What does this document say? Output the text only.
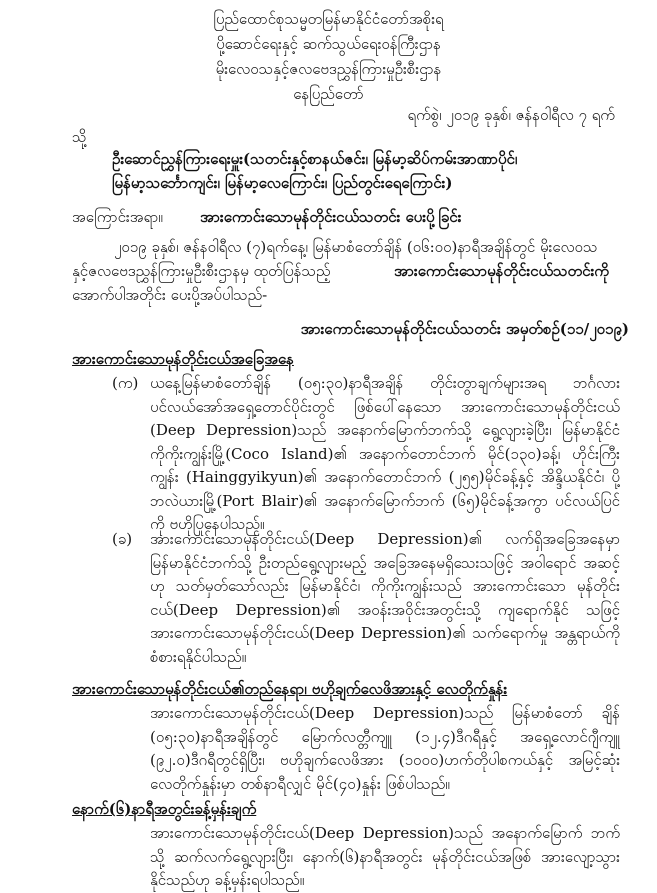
ပြည်ထောင်စုသမ္မတမြန်မာနိုင်ငံတော်အစိုးရ
ပို့ဆောင်ရေးနှင့် ဆက်သွယ်ရေးဝန်ကြီးဌာန
မိုးလေဝသနှင့်ဇလဗေဒညွှန်ကြားမှုဦးစီးဌာန
နေပြည်တော်
ရက်စွဲ၊ ၂၀၁၉ ခုနှစ်၊ ဇန်နဝါရီလ ၇ ရက်
သို့
ဦးဆောင်ညွှန်ကြားရေးမှူး(သတင်းနှင့်စာနယ်ဇင်း၊ မြန်မာ့ဆိပ်ကမ်းအာဏာပိုင်၊
မြန်မာ့သင်္ဘောကျင်း၊ မြန်မာ့လေကြောင်း၊ ပြည်တွင်းရေကြောင်း)
အကြောင်းအရာ။ အားကောင်းသောမုန်တိုင်းငယ်သတင်း ပေးပို့ခြင်း
၂၀၁၉ ခုနှစ်၊ ဇန်နဝါရီလ (၇)ရက်နေ့၊ မြန်မာစံတော်ချိန် (၀၆:၀၀)နာရီအချိန်တွင် မိုးလေဝသ
နှင့်ဇလဗေဒညွှန်ကြားမှုဦးစီးဌာနမှ ထုတ်ပြန်သည့်	အားကောင်းသောမုန်တိုင်းငယ်သတင်းကို
အောက်ပါအတိုင်း ပေးပို့အပ်ပါသည်-
အားကောင်းသောမုန်တိုင်းငယ်သတင်း အမှတ်စဉ်(၁၁/၂၀၁၉)
အားကောင်းသောမုန်တိုင်းငယ်အခြေအနေ
(က) ယနေ့မြန်မာစံတော်ချိန် (၀၅:၃၀)နာရီအချိန် တိုင်းတွာချက်များအရ ဘင်္ဂလားပင်လယ်အော်အရှေ့တောင်ပိုင်းတွင် ဖြစ်ပေါ်နေသော အားကောင်းသောမုန်တိုင်းငယ် (Deep Depression)သည် အနောက်မြောက်ဘက်သို့ ရွေ့လျားခဲ့ပြီး၊ မြန်မာနိုင်ငံ ကိုကိုးကျွန်းမြို့(Coco Island)၏ အနောက်တောင်ဘက် မိုင်(၁၃၀)ခန့်၊ ဟိုင်းကြီး ကျွန်း (Hainggyikyun)၏ အနောက်တောင်ဘက် (၂၅၅)မိုင်ခန့်နှင့် အိန္ဒိယနိုင်ငံ၊ ပို့ဘလဲယားမြို့(Port Blair)၏ အနောက်မြောက်ဘက် (၆၅)မိုင်ခန့်အကွာ ပင်လယ်ပြင် ကို ဗဟိုပြုနေပါသည်။
(ခ) အားကောင်းသောမုန်တိုင်းငယ်(Deep Depression)၏ လက်ရှိအခြေအနေမှာ မြန်မာနိုင်ငံဘက်သို့ ဦးတည်ရွေ့လျားမည့် အခြေအနေမရှိသေးသဖြင့် အဝါရောင် အဆင့်ဟု သတ်မှတ်သော်လည်း မြန်မာနိုင်ငံ၊ ကိုကိုးကျွန်းသည် အားကောင်းသော မုန်တိုင်းငယ်(Deep Depression)၏ အဝန်းအဝိုင်းအတွင်းသို့ ကျရောက်နိုင် သဖြင့် အားကောင်းသောမုန်တိုင်းငယ်(Deep Depression)၏ သက်ရောက်မှု အန္တရာယ်ကို စံစားရနိုင်ပါသည်။
အားကောင်းသောမုန်တိုင်းငယ်၏တည်နေရာ၊ ဗဟိုချက်လေဖိအားနှင့် လေတိုက်နှုန်း
အားကောင်းသောမုန်တိုင်းငယ်(Deep Depression)သည် မြန်မာစံတော် ချိန် (၀၅:၃၀)နာရီအချိန်တွင် မြောက်လတ္တီကျူ (၁၂.၄)ဒီဂရီနှင့် အရှေ့လောင်ဂျီကျူ (၉၂.၀)ဒီဂရီတွင်ရှိပြီး၊ ဗဟိုချက်လေဖိအား (၁၀၀၀)ဟက်တိုပါစကယ်နှင့် အမြင့်ဆုံး လေတိုက်နှုန်းမှာ တစ်နာရီလျှင် မိုင်(၄၀)နှုန်း ဖြစ်ပါသည်။
နောက်(၆)နာရီအတွင်းခန့်မှန်းချက်
အားကောင်းသောမုန်တိုင်းငယ်(Deep Depression)သည် အနောက်မြောက် ဘက်သို့ ဆက်လက်ရွေ့လျားပြီး၊ နောက်(၆)နာရီအတွင်း မုန်တိုင်းငယ်အဖြစ် အားလျော့သွားနိုင်သည်ဟု ခန့်မှန်းရပါသည်။
